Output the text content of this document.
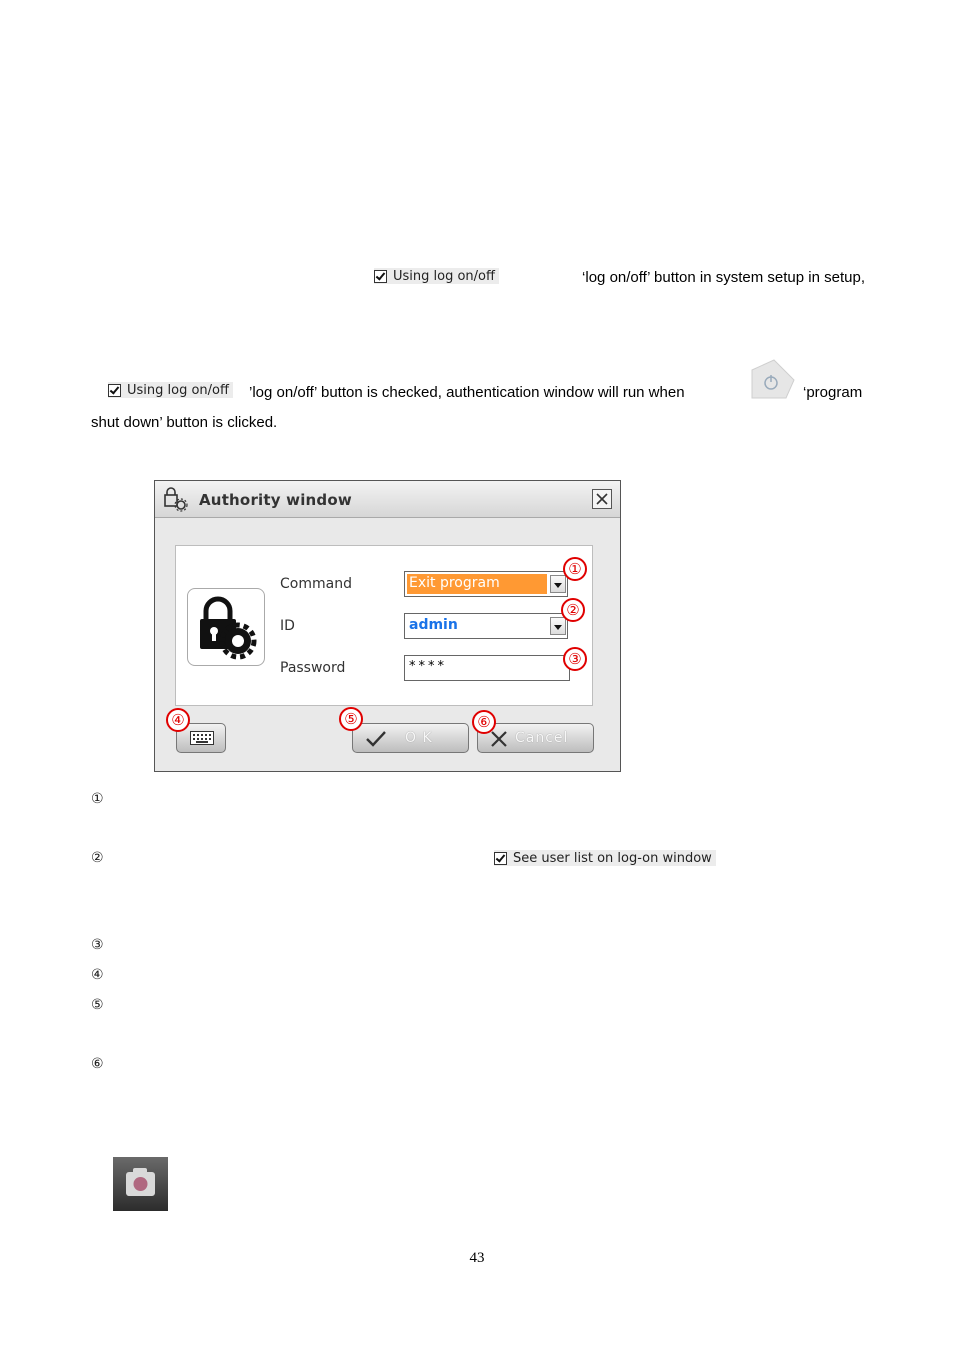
Using log on/off	‘log on/off’ button in system setup in setup,
Using log on/off ’log on/off’ button is checked, authentication window will run when	‘program
shut down’ button is clicked.
Authority window
Command	Exit program
ID	admin
Password	****
O K	Cancel
①
②
③
④	⑤	⑥
①
②	See user list on log-on window
③
④
⑤
⑥
43
